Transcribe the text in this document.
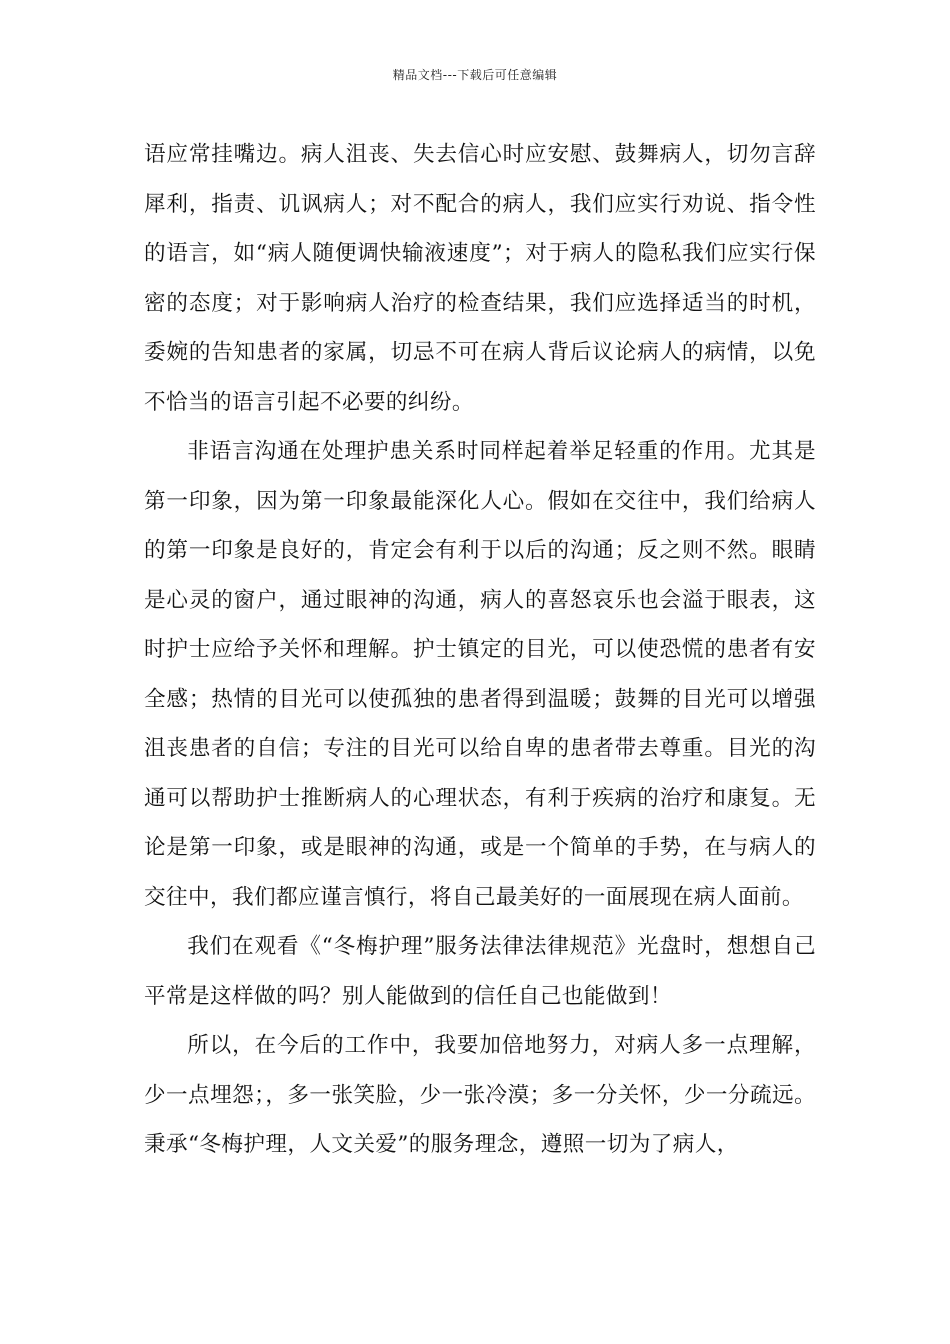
精品文档---下载后可任意编辑

语应常挂嘴边。病人沮丧、失去信心时应安慰、鼓舞病人，切勿言辞犀利，指责、讥讽病人；对不配合的病人，我们应实行劝说、指令性的语言，如“病人随便调快输液速度”；对于病人的隐私我们应实行保密的态度；对于影响病人治疗的检查结果，我们应选择适当的时机，委婉的告知患者的家属，切忌不可在病人背后议论病人的病情，以免不恰当的语言引起不必要的纠纷。

非语言沟通在处理护患关系时同样起着举足轻重的作用。尤其是第一印象，因为第一印象最能深化人心。假如在交往中，我们给病人的第一印象是良好的，肯定会有利于以后的沟通；反之则不然。眼睛是心灵的窗户，通过眼神的沟通，病人的喜怒哀乐也会溢于眼表，这时护士应给予关怀和理解。护士镇定的目光，可以使恐慌的患者有安全感；热情的目光可以使孤独的患者得到温暖；鼓舞的目光可以增强沮丧患者的自信；专注的目光可以给自卑的患者带去尊重。目光的沟通可以帮助护士推断病人的心理状态，有利于疾病的治疗和康复。无论是第一印象，或是眼神的沟通，或是一个简单的手势，在与病人的交往中，我们都应谨言慎行，将自己最美好的一面展现在病人面前。

我们在观看《“冬梅护理”服务法律法律规范》光盘时，想想自己平常是这样做的吗？别人能做到的信任自己也能做到！

所以，在今后的工作中，我要加倍地努力，对病人多一点理解，少一点埋怨；，多一张笑脸，少一张冷漠；多一分关怀，少一分疏远。秉承“冬梅护理，人文关爱”的服务理念，遵照一切为了病人，
